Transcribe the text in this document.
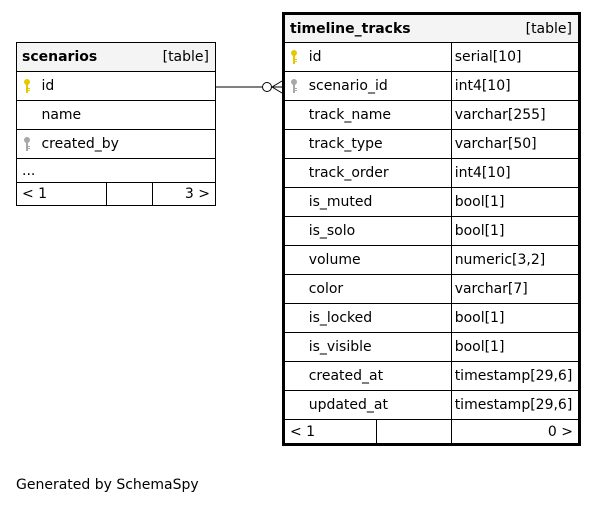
scenarios		[table]	

	id		
	name		

	created_by		
...			
< 1			3 >
timeline_tracks			[table]

	id		serial[10]

	scenario_id		int4[10]
	track_name		varchar[255]
	track_type		varchar[50]
	track_order		int4[10]
	is_muted		bool[1]
	is_solo		bool[1]
	volume		numeric[3,2]
	color		varchar[7]
	is_locked		bool[1]
	is_visible		bool[1]
	created_at		timestamp[29,6]
	updated_at		timestamp[29,6]
< 1			0 >
Generated by SchemaSpy
